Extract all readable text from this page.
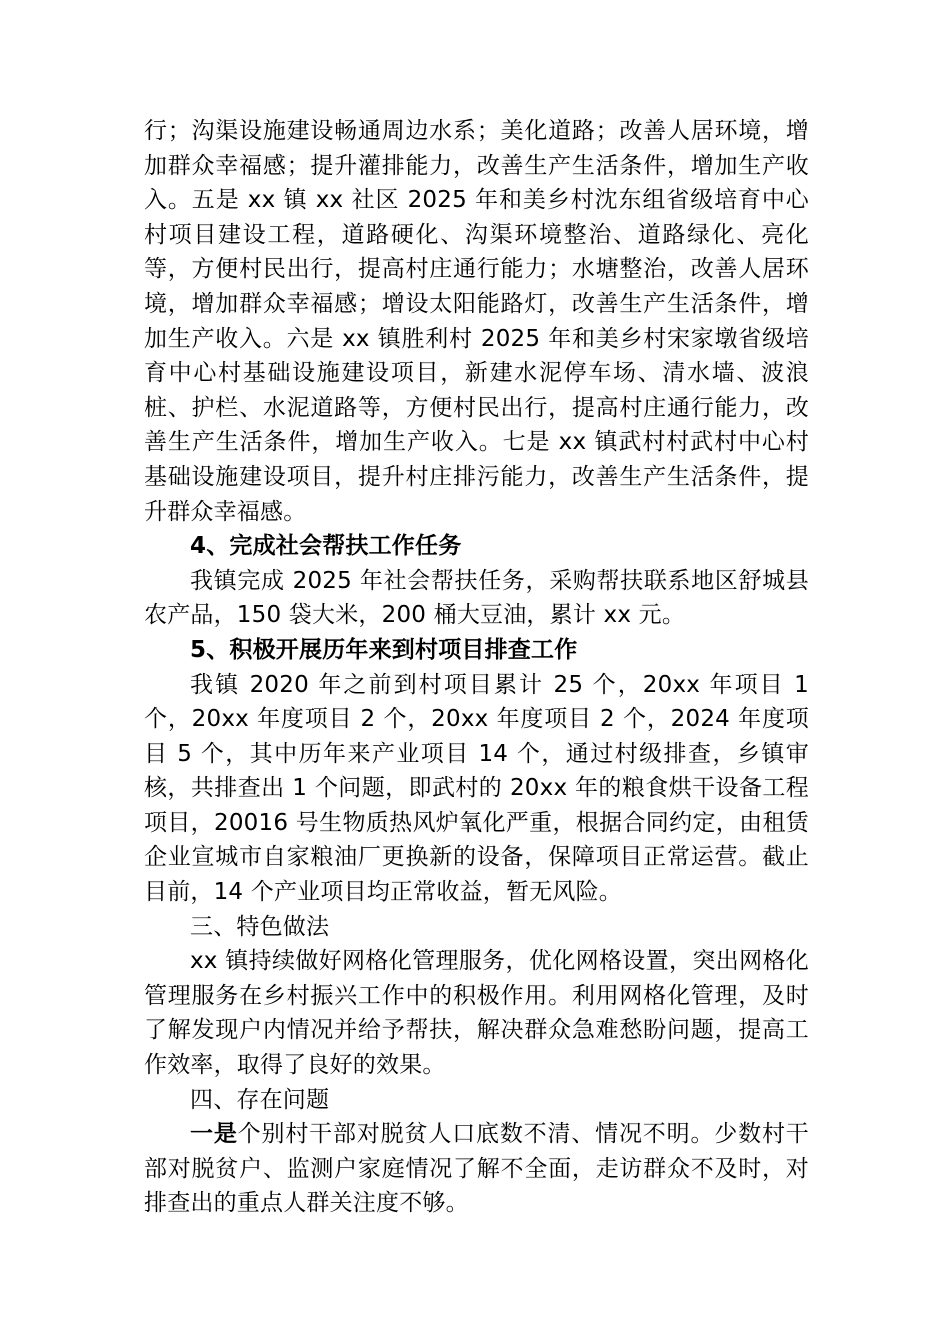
行；沟渠设施建设畅通周边水系；美化道路；改善人居环境，增加群众幸福感；提升灌排能力，改善生产生活条件，增加生产收入。五是 xx 镇 xx 社区 2025 年和美乡村沈东组省级培育中心村项目建设工程，道路硬化、沟渠环境整治、道路绿化、亮化等，方便村民出行，提高村庄通行能力；水塘整治，改善人居环境，增加群众幸福感；增设太阳能路灯，改善生产生活条件，增加生产收入。六是 xx 镇胜利村 2025 年和美乡村宋家墩省级培育中心村基础设施建设项目，新建水泥停车场、清水墙、波浪桩、护栏、水泥道路等，方便村民出行，提高村庄通行能力，改善生产生活条件，增加生产收入。七是 xx 镇武村村武村中心村基础设施建设项目，提升村庄排污能力，改善生产生活条件，提升群众幸福感。

4、完成社会帮扶工作任务

我镇完成 2025 年社会帮扶任务，采购帮扶联系地区舒城县农产品，150 袋大米，200 桶大豆油，累计 xx 元。

5、积极开展历年来到村项目排查工作

我镇 2020 年之前到村项目累计 25 个，20xx 年项目 1 个，20xx 年度项目 2 个，20xx 年度项目 2 个，2024 年度项目 5 个，其中历年来产业项目 14 个，通过村级排查，乡镇审核，共排查出 1 个问题，即武村的 20xx 年的粮食烘干设备工程项目，20016 号生物质热风炉氧化严重，根据合同约定，由租赁企业宣城市自家粮油厂更换新的设备，保障项目正常运营。截止目前，14 个产业项目均正常收益，暂无风险。

三、特色做法

xx 镇持续做好网格化管理服务，优化网格设置，突出网格化管理服务在乡村振兴工作中的积极作用。利用网格化管理，及时了解发现户内情况并给予帮扶，解决群众急难愁盼问题，提高工作效率，取得了良好的效果。

四、存在问题

一是个别村干部对脱贫人口底数不清、情况不明。少数村干部对脱贫户、监测户家庭情况了解不全面，走访群众不及时，对排查出的重点人群关注度不够。
